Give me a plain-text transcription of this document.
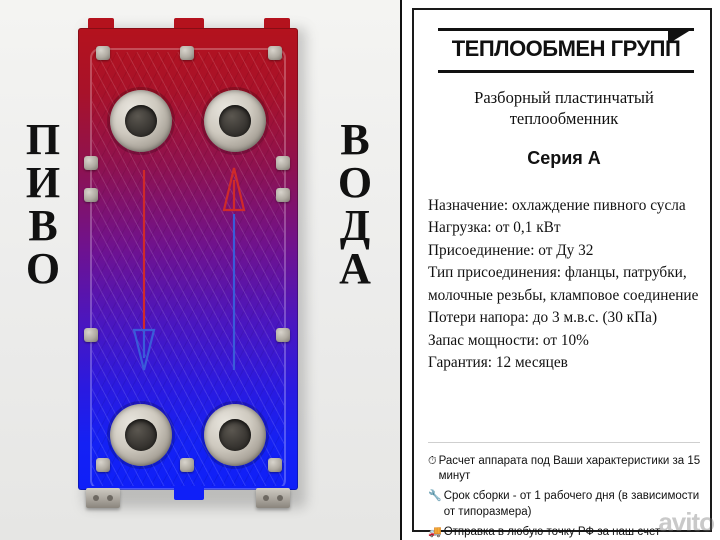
П
И
В
О
В
О
Д
А
ТЕПЛООБМЕН ГРУПП
Разборный пластинчатый
теплообменник
Серия А
Назначение: охлаждение пивного сусла
Нагрузка: от 0,1 кВт
Присоединение: от Ду 32
Тип присоединения: фланцы, патрубки,
молочные резьбы, кламповое соединение
Потери напора: до 3 м.в.с. (30 кПа)
Запас мощности: от 10%
Гарантия: 12 месяцев
⏱ Расчет аппарата под Ваши характеристики за 15 минут
🔧 Срок сборки - от 1 рабочего дня (в зависимости от типоразмера)
🚚 Отправка в любую точку РФ за наш счет
avito
